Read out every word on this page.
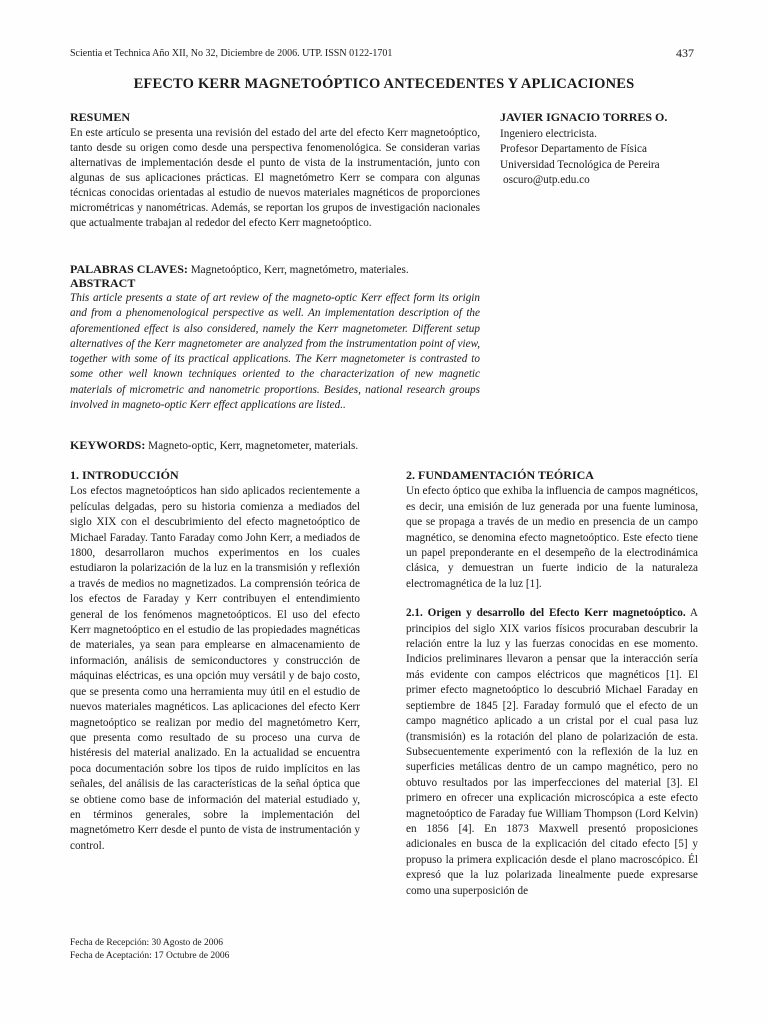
Scientia et Technica Año XII, No 32, Diciembre de 2006. UTP. ISSN 0122-1701	437
EFECTO KERR MAGNETOÓPTICO ANTECEDENTES Y APLICACIONES
RESUMEN
En este artículo se presenta una revisión del estado del arte del efecto Kerr magnetoóptico, tanto desde su origen como desde una perspectiva fenomenológica. Se consideran varias alternativas de implementación desde el punto de vista de la instrumentación, junto con algunas de sus aplicaciones prácticas. El magnetómetro Kerr se compara con algunas técnicas conocidas orientadas al estudio de nuevos materiales magnéticos de proporciones micrométricas y nanométricas. Además, se reportan los grupos de investigación nacionales que actualmente trabajan al rededor del efecto Kerr magnetoóptico.
JAVIER IGNACIO TORRES O.
Ingeniero electricista.
Profesor Departamento de Física
Universidad Tecnológica de Pereira
oscuro@utp.edu.co
PALABRAS CLAVES: Magnetoóptico, Kerr, magnetómetro, materiales.
ABSTRACT
This article presents a state of art review of the magneto-optic Kerr effect form its origin and from a phenomenological perspective as well. An implementation description of the aforementioned effect is also considered, namely the Kerr magnetometer. Different setup alternatives of the Kerr magnetometer are analyzed from the instrumentation point of view, together with some of its practical applications. The Kerr magnetometer is contrasted to some other well known techniques oriented to the characterization of new magnetic materials of micrometric and nanometric proportions. Besides, national research groups involved in magneto-optic Kerr effect applications are listed..
KEYWORDS: Magneto-optic, Kerr, magnetometer, materials.
1. INTRODUCCIÓN

Los efectos magnetoópticos han sido aplicados recientemente a películas delgadas, pero su historia comienza a mediados del siglo XIX con el descubrimiento del efecto magnetoóptico de Michael Faraday. Tanto Faraday como John Kerr, a mediados de 1800, desarrollaron muchos experimentos en los cuales estudiaron la polarización de la luz en la transmisión y reflexión a través de medios no magnetizados. La comprensión teórica de los efectos de Faraday y Kerr contribuyen el entendimiento general de los fenómenos magnetoópticos. El uso del efecto Kerr magnetoóptico en el estudio de las propiedades magnéticas de materiales, ya sean para emplearse en almacenamiento de información, análisis de semiconductores y construcción de máquinas eléctricas, es una opción muy versátil y de bajo costo, que se presenta como una herramienta muy útil en el estudio de nuevos materiales magnéticos. Las aplicaciones del efecto Kerr magnetoóptico se realizan por medio del magnetómetro Kerr, que presenta como resultado de su proceso una curva de histéresis del material analizado. En la actualidad se encuentra poca documentación sobre los tipos de ruido implícitos en las señales, del análisis de las características de la señal óptica que se obtiene como base de información del material estudiado y, en términos generales, sobre la implementación del magnetómetro Kerr desde el punto de vista de instrumentación y control.

2. FUNDAMENTACIÓN TEÓRICA

Un efecto óptico que exhiba la influencia de campos magnéticos, es decir, una emisión de luz generada por una fuente luminosa, que se propaga a través de un medio en presencia de un campo magnético, se denomina efecto magnetoóptico. Este efecto tiene un papel preponderante en el desempeño de la electrodinámica clásica, y demuestran un fuerte indicio de la naturaleza electromagnética de la luz [1].

2.1. Origen y desarrollo del Efecto Kerr magnetoóptico. A principios del siglo XIX varios físicos procuraban descubrir la relación entre la luz y las fuerzas conocidas en ese momento. Indicios preliminares llevaron a pensar que la interacción sería más evidente con campos eléctricos que magnéticos [1]. El primer efecto magnetoóptico lo descubrió Michael Faraday en septiembre de 1845 [2]. Faraday formuló que el efecto de un campo magnético aplicado a un cristal por el cual pasa luz (transmisión) es la rotación del plano de polarización de esta. Subsecuentemente experimentó con la reflexión de la luz en superficies metálicas dentro de un campo magnético, pero no obtuvo resultados por las imperfecciones del material [3]. El primero en ofrecer una explicación microscópica a este efecto magnetoóptico de Faraday fue William Thompson (Lord Kelvin) en 1856 [4]. En 1873 Maxwell presentó proposiciones adicionales en busca de la explicación del citado efecto [5] y propuso la primera explicación desde el plano macroscópico. Él expresó que la luz polarizada linealmente puede expresarse como una superposición de

Fecha de Recepción: 30 Agosto de 2006
Fecha de Aceptación: 17 Octubre de 2006
